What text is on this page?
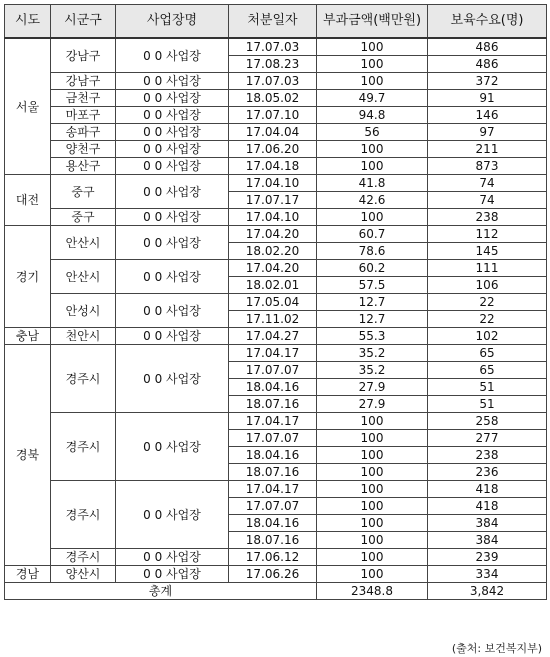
시도	시군구	사업장명	처분일자	부과금액(백만원)	보육수요(명)
서울	강남구	0 0 사업장	17.07.03	100	486
			17.08.23	100	486
	강남구	0 0 사업장	17.07.03	100	372
	금천구	0 0 사업장	18.05.02	49.7	91
	마포구	0 0 사업장	17.07.10	94.8	146
	송파구	0 0 사업장	17.04.04	56	97
	양천구	0 0 사업장	17.06.20	100	211
	용산구	0 0 사업장	17.04.18	100	873
대전	중구	0 0 사업장	17.04.10	41.8	74
			17.07.17	42.6	74
	중구	0 0 사업장	17.04.10	100	238
경기	안산시	0 0 사업장	17.04.20	60.7	112
			18.02.20	78.6	145
	안산시	0 0 사업장	17.04.20	60.2	111
			18.02.01	57.5	106
	안성시	0 0 사업장	17.05.04	12.7	22
			17.11.02	12.7	22
충남	천안시	0 0 사업장	17.04.27	55.3	102
경북	경주시	0 0 사업장	17.04.17	35.2	65
			17.07.07	35.2	65
			18.04.16	27.9	51
			18.07.16	27.9	51
	경주시	0 0 사업장	17.04.17	100	258
			17.07.07	100	277
			18.04.16	100	238
			18.07.16	100	236
	경주시	0 0 사업장	17.04.17	100	418
			17.07.07	100	418
			18.04.16	100	384
			18.07.16	100	384
	경주시	0 0 사업장	17.06.12	100	239
경남	양산시	0 0 사업장	17.06.26	100	334
총계				2348.8	3,842
(출처: 보건복지부)
